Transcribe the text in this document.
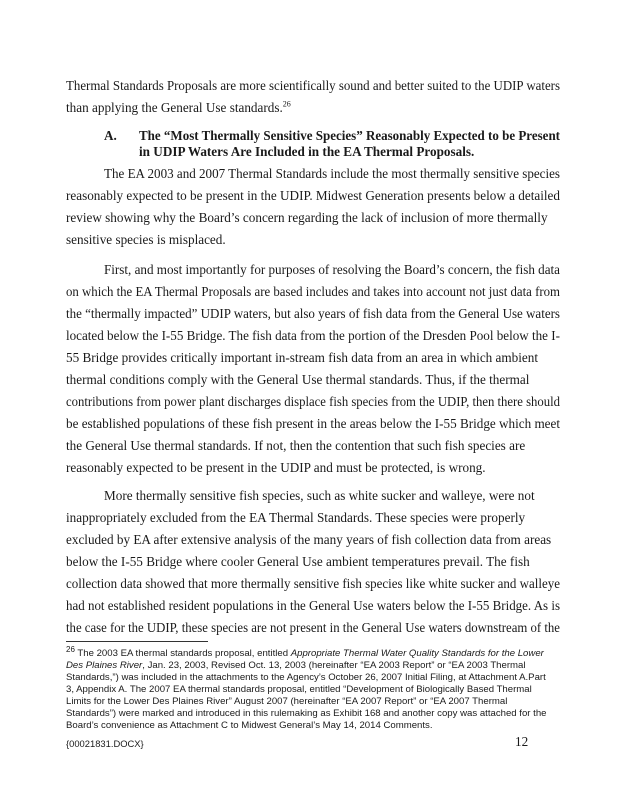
Thermal Standards Proposals are more scientifically sound and better suited to the UDIP waters
than applying the General Use standards.$^{26}$
A. The “Most Thermally Sensitive Species” Reasonably Expected to be Present
in UDIP Waters Are Included in the EA Thermal Proposals.
The EA 2003 and 2007 Thermal Standards include the most thermally sensitive species
reasonably expected to be present in the UDIP. Midwest Generation presents below a detailed
review showing why the Board’s concern regarding the lack of inclusion of more thermally
sensitive species is misplaced.
First, and most importantly for purposes of resolving the Board’s concern, the fish data
on which the EA Thermal Proposals are based includes and takes into account not just data from
the “thermally impacted” UDIP waters, but also years of fish data from the General Use waters
located below the I-55 Bridge. The fish data from the portion of the Dresden Pool below the I-
55 Bridge provides critically important in-stream fish data from an area in which ambient
thermal conditions comply with the General Use thermal standards. Thus, if the thermal
contributions from power plant discharges displace fish species from the UDIP, then there should
be established populations of these fish present in the areas below the I-55 Bridge which meet
the General Use thermal standards. If not, then the contention that such fish species are
reasonably expected to be present in the UDIP and must be protected, is wrong.
More thermally sensitive fish species, such as white sucker and walleye, were not
inappropriately excluded from the EA Thermal Standards. These species were properly
excluded by EA after extensive analysis of the many years of fish collection data from areas
below the I-55 Bridge where cooler General Use ambient temperatures prevail. The fish
collection data showed that more thermally sensitive fish species like white sucker and walleye
had not established resident populations in the General Use waters below the I-55 Bridge. As is
the case for the UDIP, these species are not present in the General Use waters downstream of the
$^{26}$ The 2003 EA thermal standards proposal, entitled Appropriate Thermal Water Quality Standards for the Lower
Des Plaines River, Jan. 23, 2003, Revised Oct. 13, 2003 (hereinafter “EA 2003 Report” or “EA 2003 Thermal
Standards,”) was included in the attachments to the Agency’s October 26, 2007 Initial Filing, at Attachment A.Part
3, Appendix A. The 2007 EA thermal standards proposal, entitled “Development of Biologically Based Thermal
Limits for the Lower Des Plaines River” August 2007 (hereinafter “EA 2007 Report” or “EA 2007 Thermal
Standards”) were marked and introduced in this rulemaking as Exhibit 168 and another copy was attached for the
Board’s convenience as Attachment C to Midwest General’s May 14, 2014 Comments.
{00021831.DOCX}	12
